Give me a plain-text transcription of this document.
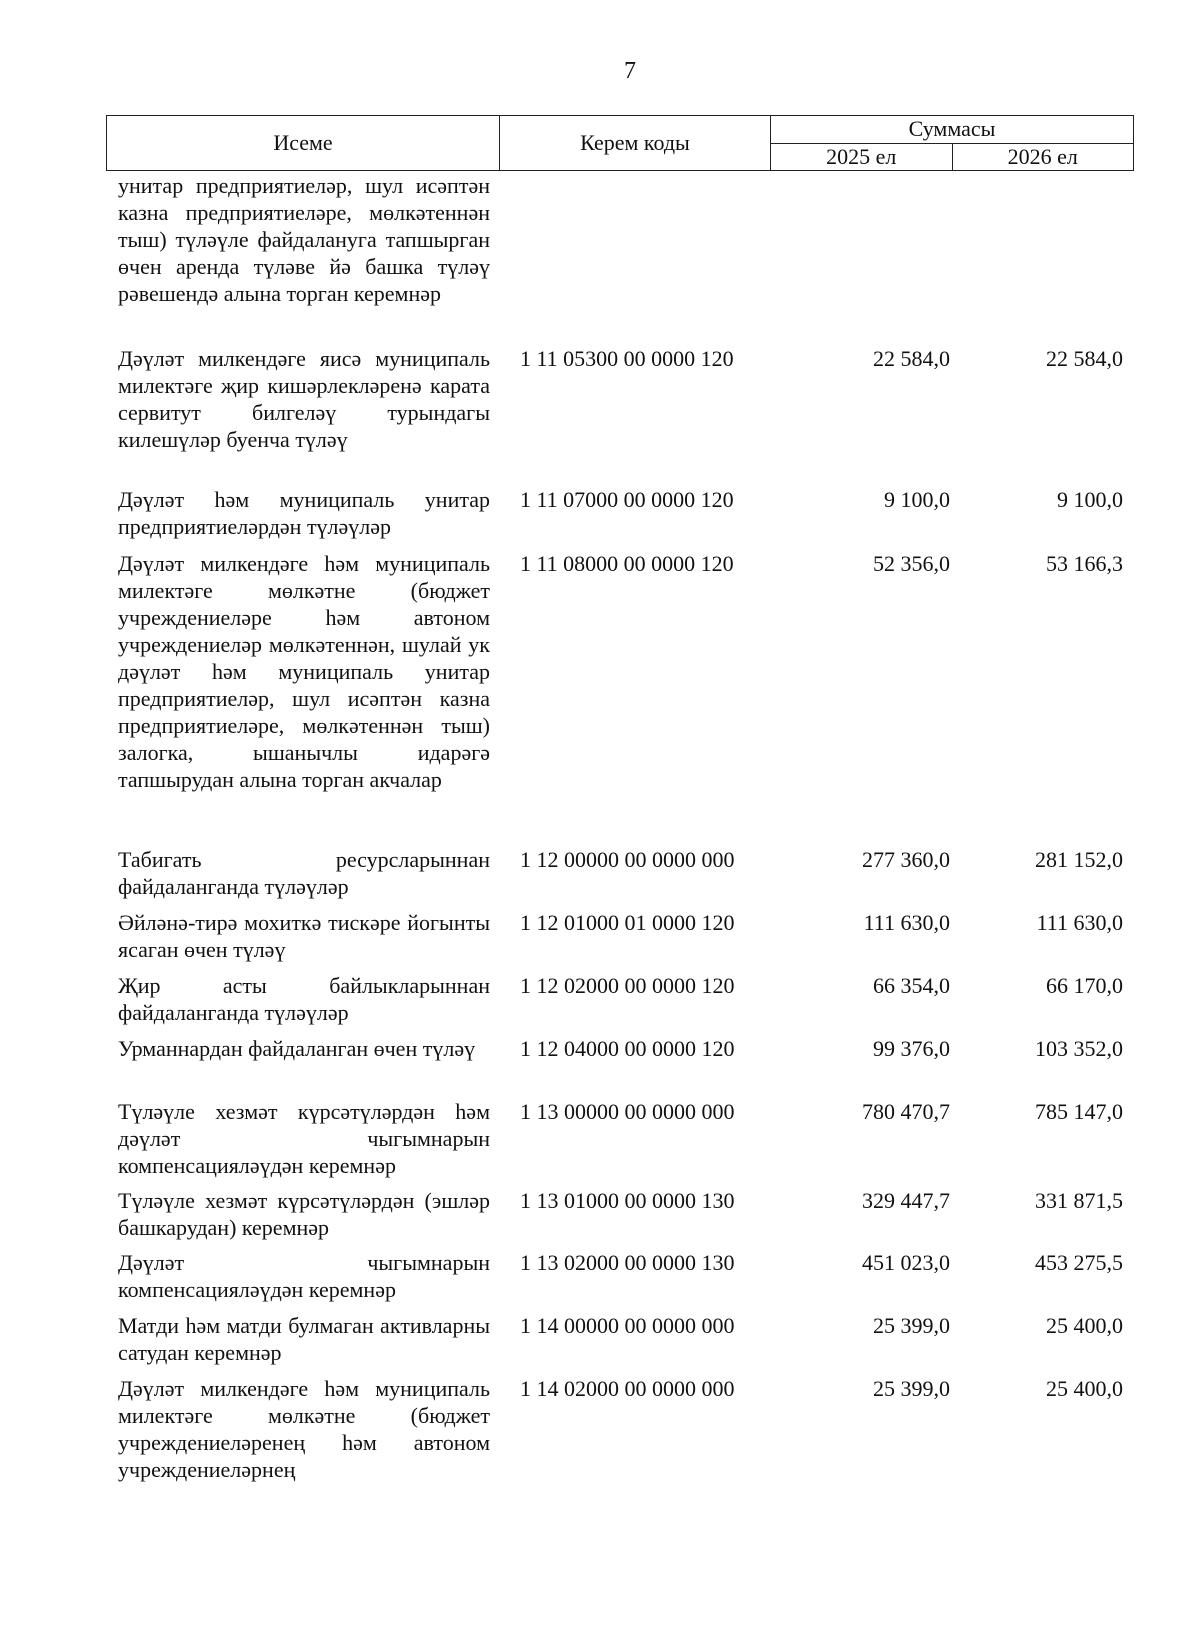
7
Исеме	Керем коды	Суммасы	
		2025 ел	2026 ел
унитар предприятиеләр, шул исәптән казна предприятиеләре, мөлкәтеннән тыш) түләүле файдалануга тапшырган өчен аренда түләве йә башка түләү рәвешендә алына торган керемнәр
Дәүләт милкендәге яисә муниципаль милектәге җир кишәрлекләренә карата сервитут билгеләү турындагы килешүләр буенча түләү
1 11 05300 00 0000 120	22 584,0	22 584,0
Дәүләт һәм муниципаль унитар предприятиеләрдән түләүләр
1 11 07000 00 0000 120	9 100,0	9 100,0
Дәүләт милкендәге һәм муниципаль милектәге мөлкәтне (бюджет учреждениеләре һәм автоном учреждениеләр мөлкәтеннән, шулай ук дәүләт һәм муниципаль унитар предприятиеләр, шул исәптән казна предприятиеләре, мөлкәтеннән тыш) залогка, ышанычлы идарәгә тапшырудан алына торган акчалар
1 11 08000 00 0000 120	52 356,0	53 166,3
Табигать ресурсларыннан файдаланганда түләүләр
1 12 00000 00 0000 000	277 360,0	281 152,0
Әйләнә-тирә мохиткә тискәре йогынты ясаган өчен түләү
1 12 01000 01 0000 120	111 630,0	111 630,0
Җир асты байлыкларыннан файдаланганда түләүләр
1 12 02000 00 0000 120	66 354,0	66 170,0
Урманнардан файдаланган өчен түләү	1 12 04000 00 0000 120	99 376,0	103 352,0
Түләүле хезмәт күрсәтүләрдән һәм дәүләт чыгымнарын компенсацияләүдән керемнәр
1 13 00000 00 0000 000	780 470,7	785 147,0
Түләүле хезмәт күрсәтүләрдән (эшләр башкарудан) керемнәр
1 13 01000 00 0000 130	329 447,7	331 871,5
Дәүләт чыгымнарын компенсацияләүдән керемнәр
1 13 02000 00 0000 130	451 023,0	453 275,5
Матди һәм матди булмаган активларны сатудан керемнәр
1 14 00000 00 0000 000	25 399,0	25 400,0
Дәүләт милкендәге һәм муниципаль милектәге мөлкәтне (бюджет учреждениеләренең һәм автоном учреждениеләрнең
1 14 02000 00 0000 000	25 399,0	25 400,0
